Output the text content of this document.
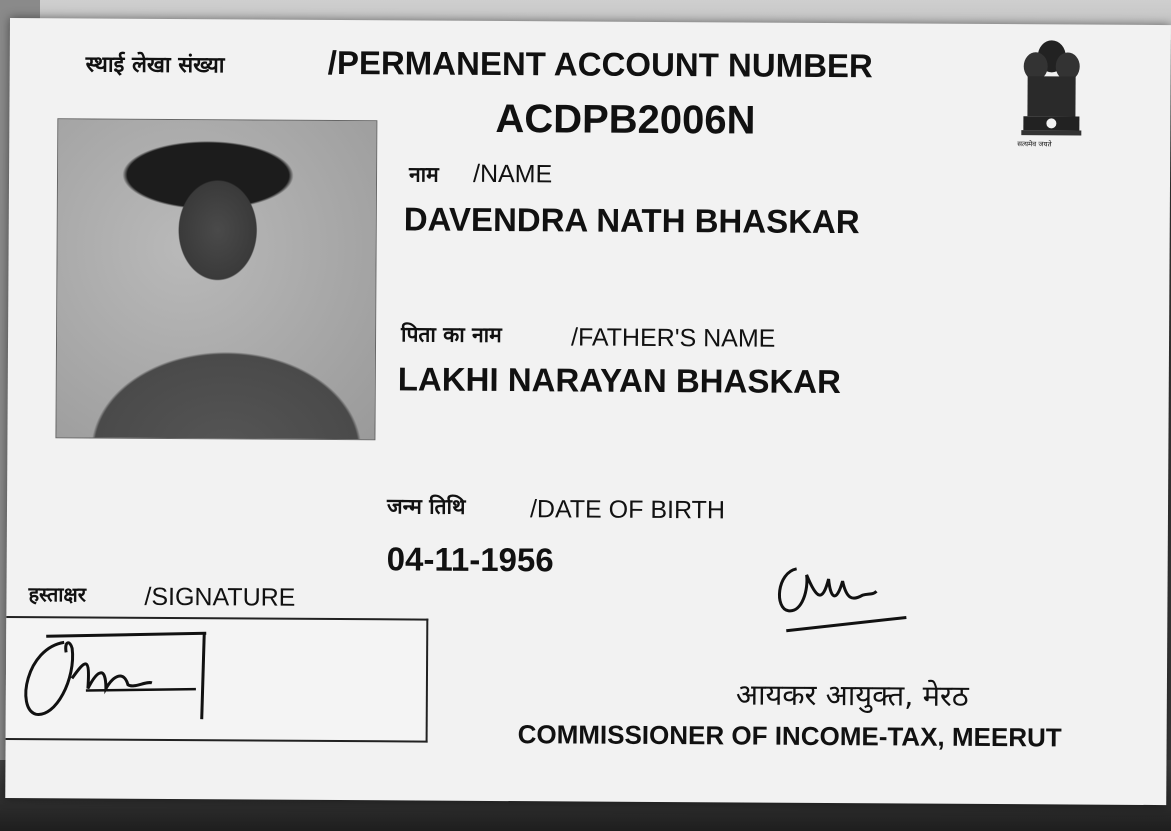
स्थाई लेखा संख्या	/PERMANENT ACCOUNT NUMBER
ACDPB2006N
सत्यमेव जयते
नाम /NAME
DAVENDRA NATH BHASKAR
पिता का नाम	/FATHER'S NAME
LAKHI NARAYAN BHASKAR
जन्म तिथि	/DATE OF BIRTH
04-11-1956
हस्ताक्षर /SIGNATURE
आयकर आयुक्त, मेरठ
COMMISSIONER OF INCOME-TAX, MEERUT
